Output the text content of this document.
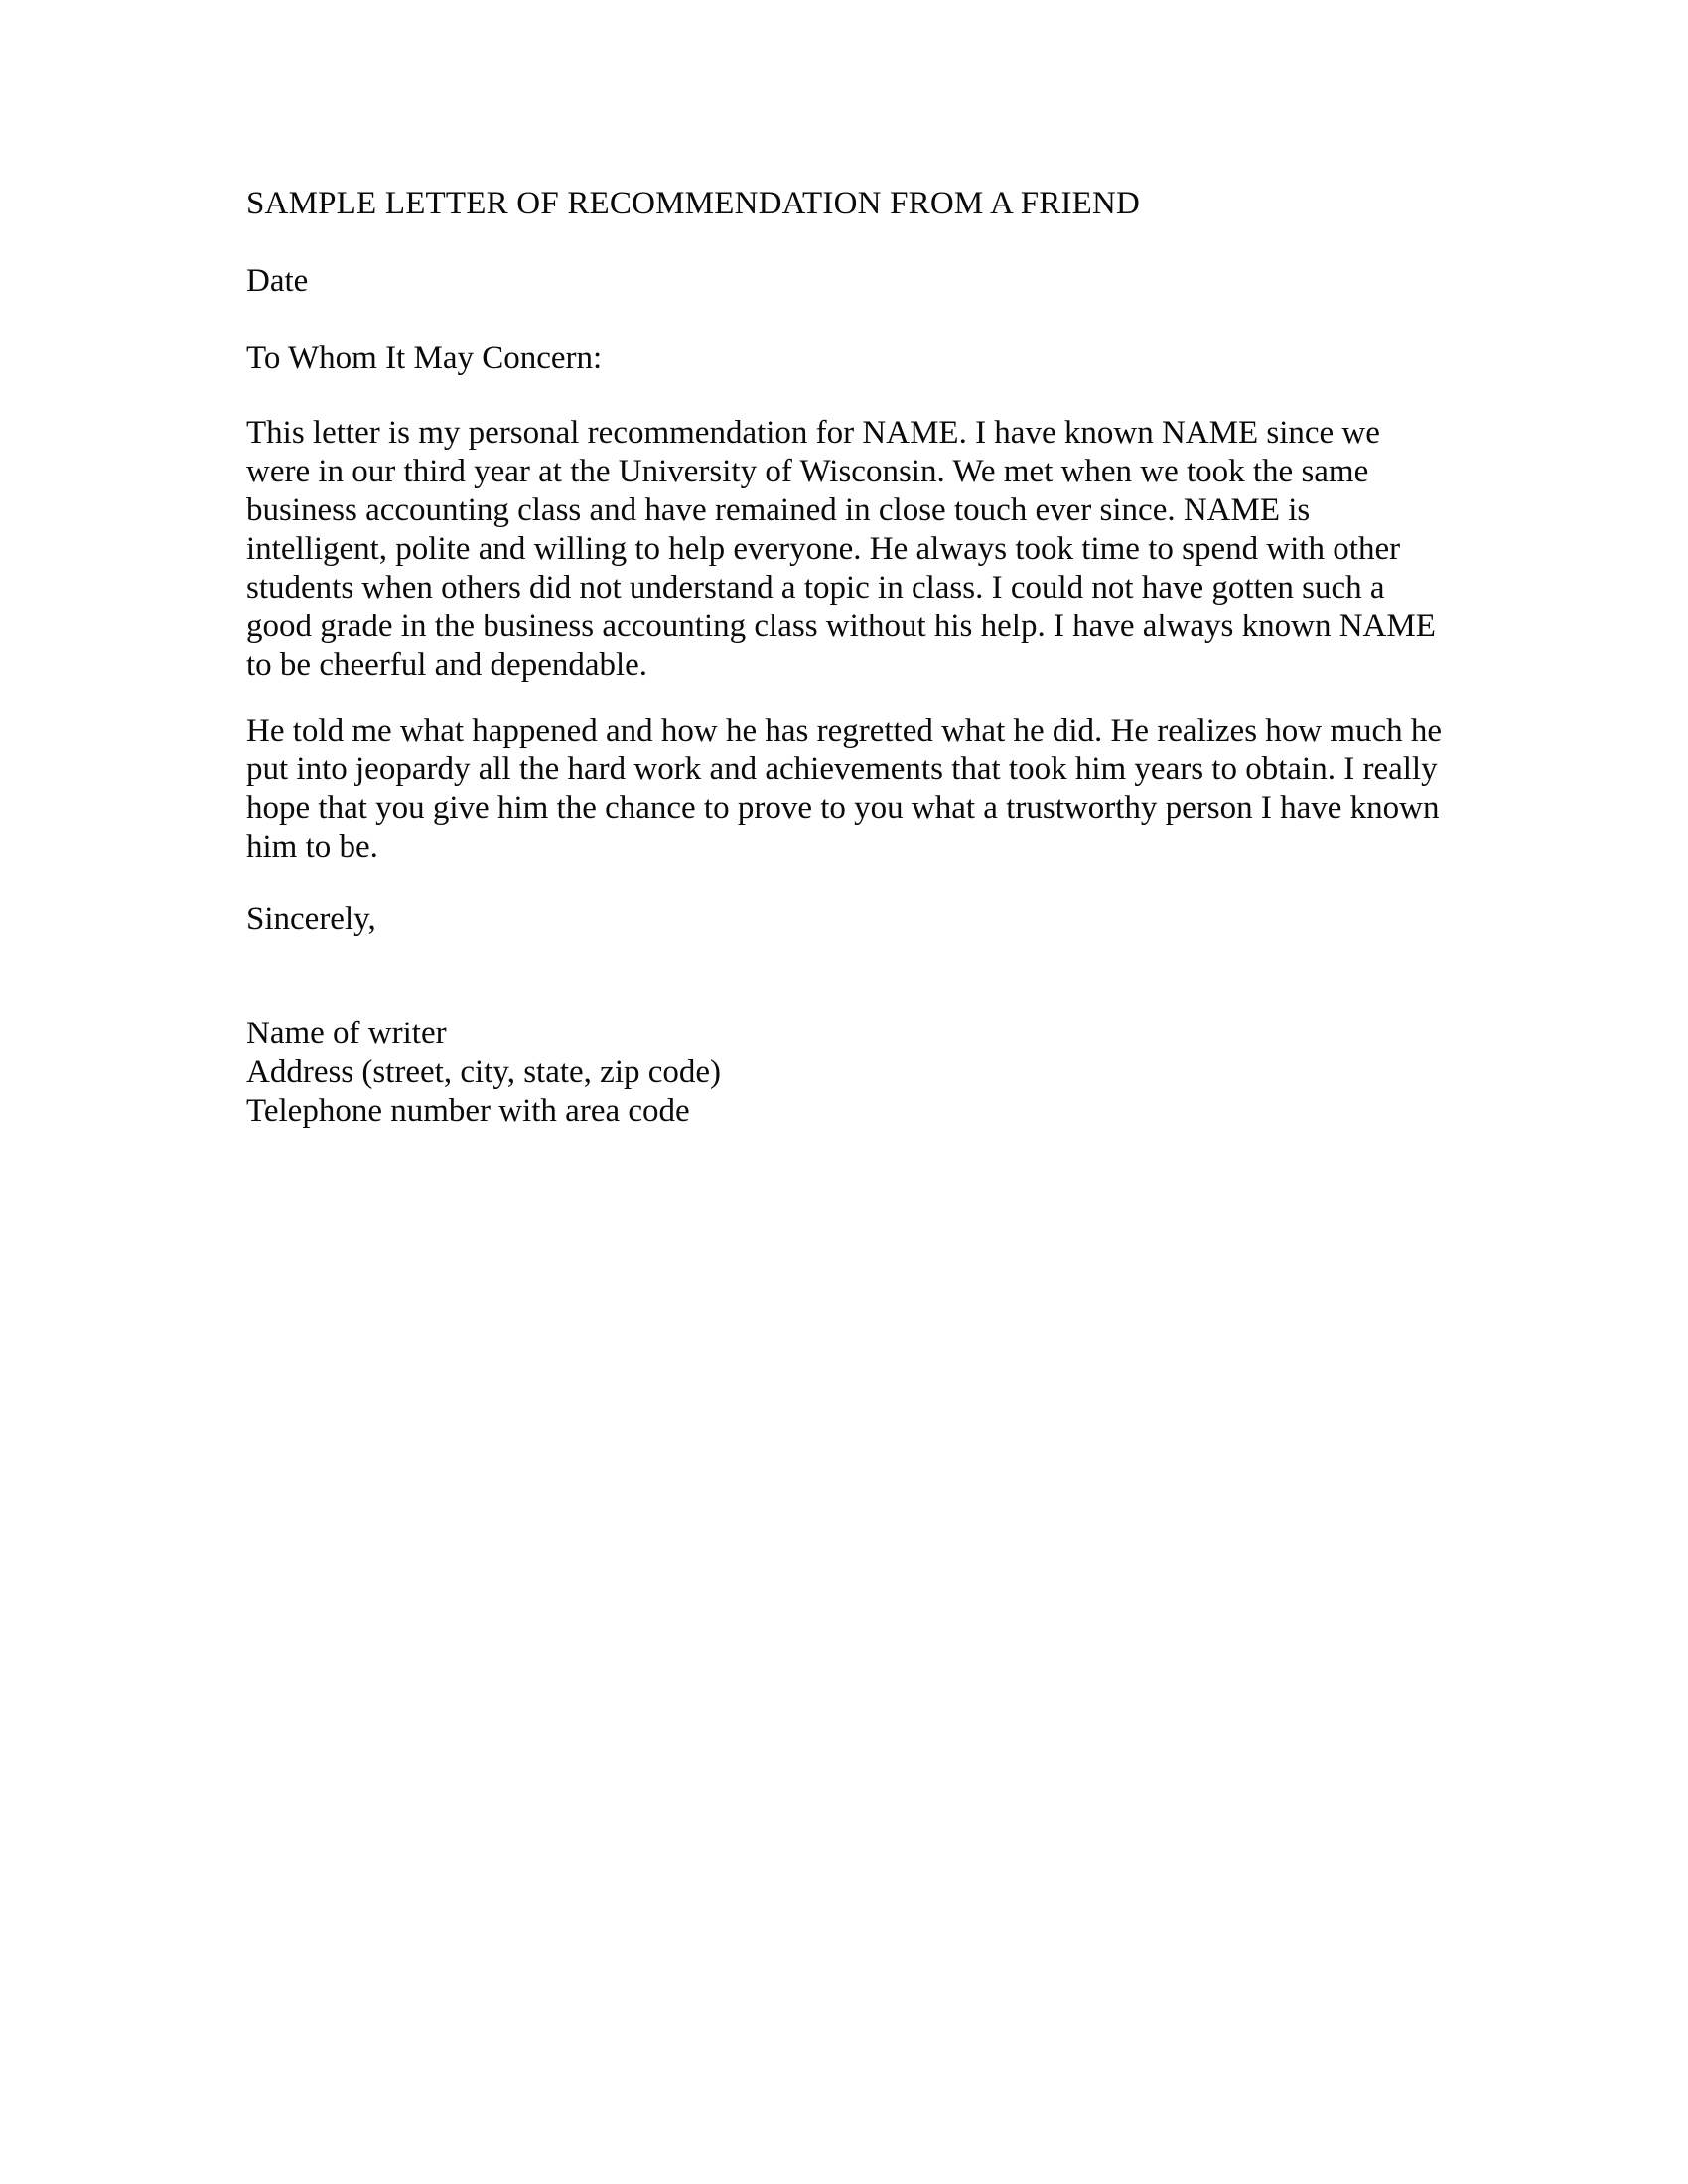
SAMPLE LETTER OF RECOMMENDATION FROM A FRIEND

Date

To Whom It May Concern:

This letter is my personal recommendation for NAME. I have known NAME since we were in our third year at the University of Wisconsin. We met when we took the same business accounting class and have remained in close touch ever since. NAME is intelligent, polite and willing to help everyone. He always took time to spend with other students when others did not understand a topic in class. I could not have gotten such a good grade in the business accounting class without his help. I have always known NAME to be cheerful and dependable.

He told me what happened and how he has regretted what he did. He realizes how much he put into jeopardy all the hard work and achievements that took him years to obtain. I really hope that you give him the chance to prove to you what a trustworthy person I have known him to be.

Sincerely,

Name of writer

Address (street, city, state, zip code)

Telephone number with area code
